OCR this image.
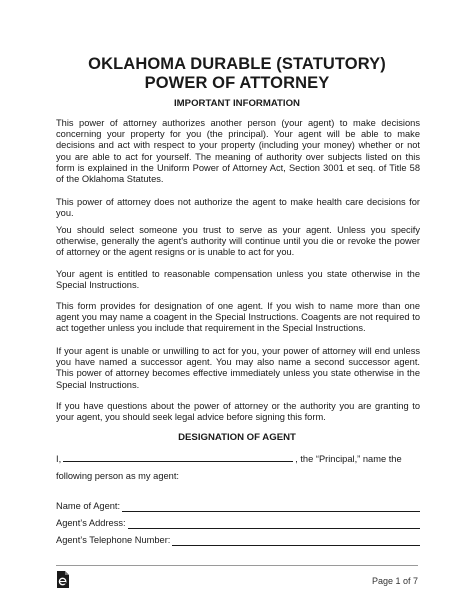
OKLAHOMA DURABLE (STATUTORY)
POWER OF ATTORNEY
IMPORTANT INFORMATION

This power of attorney authorizes another person (your agent) to make decisions concerning your property for you (the principal). Your agent will be able to make decisions and act with respect to your property (including your money) whether or not you are able to act for yourself. The meaning of authority over subjects listed on this form is explained in the Uniform Power of Attorney Act, Section 3001 et seq. of Title 58 of the Oklahoma Statutes.

This power of attorney does not authorize the agent to make health care decisions for you.

You should select someone you trust to serve as your agent. Unless you specify otherwise, generally the agent's authority will continue until you die or revoke the power of attorney or the agent resigns or is unable to act for you.

Your agent is entitled to reasonable compensation unless you state otherwise in the Special Instructions.

This form provides for designation of one agent. If you wish to name more than one agent you may name a coagent in the Special Instructions. Coagents are not required to act together unless you include that requirement in the Special Instructions.

If your agent is unable or unwilling to act for you, your power of attorney will end unless you have named a successor agent. You may also name a second successor agent. This power of attorney becomes effective immediately unless you state otherwise in the Special Instructions.

If you have questions about the power of attorney or the authority you are granting to your agent, you should seek legal advice before signing this form.

DESIGNATION OF AGENT
I,	, the “Principal,” name the
following person as my agent:
Name of Agent:
Agent’s Address:
Agent’s Telephone Number:
Page 1 of 7
